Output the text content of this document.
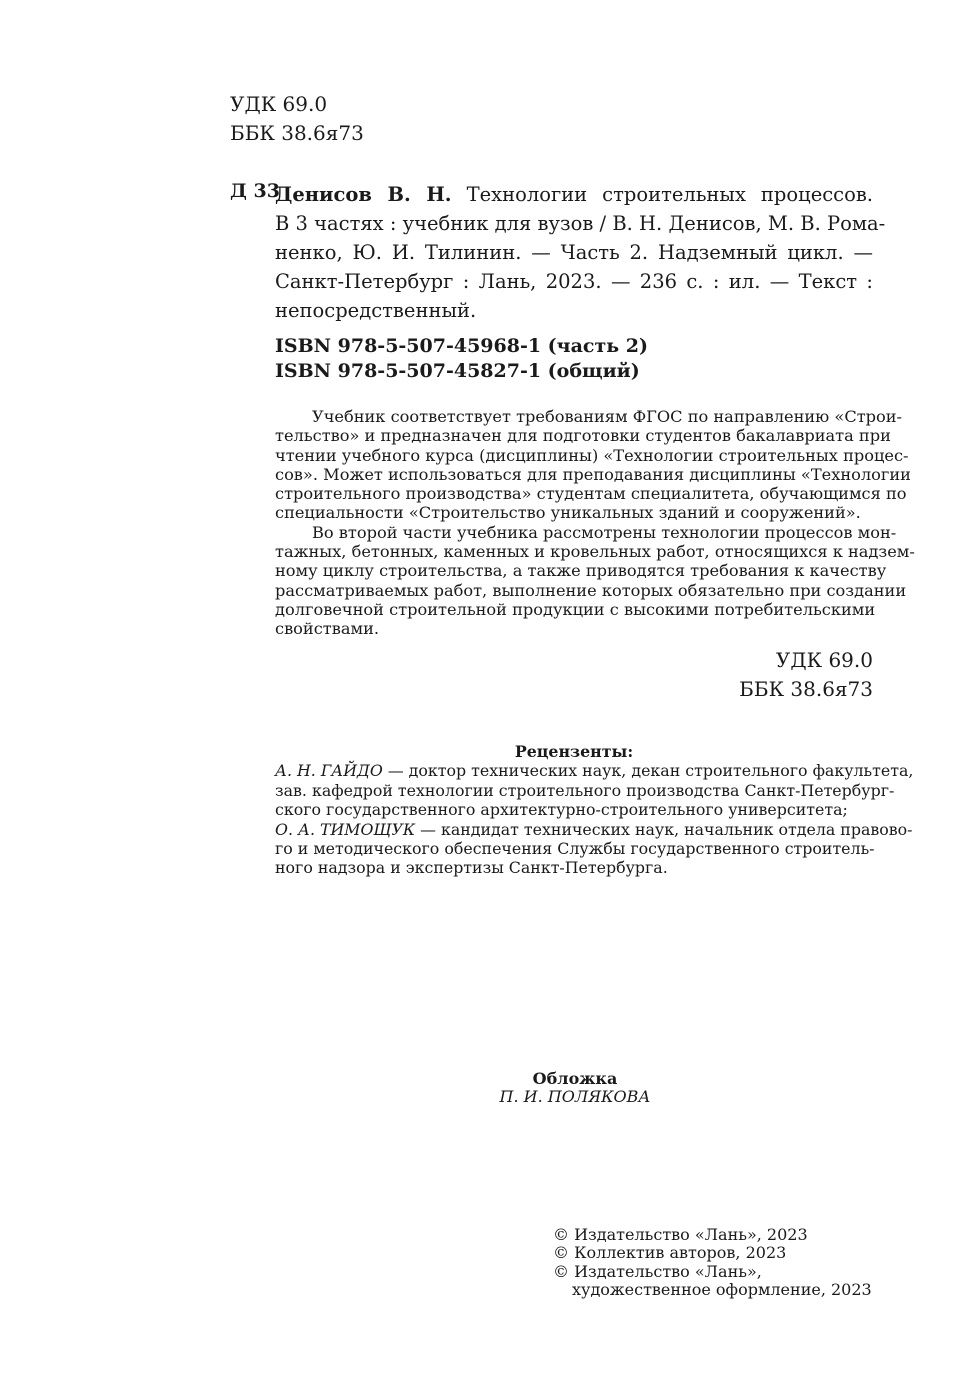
УДК 69.0
ББК 38.6я73
Д 33
Денисов В. Н. Технологии строительных процессов.
В 3 частях : учебник для вузов / В. Н. Денисов, М. В. Рома-
ненко, Ю. И. Тилинин. — Часть 2. Надземный цикл. —
Санкт-Петербург : Лань, 2023. — 236 с. : ил. — Текст :
непосредственный.
ISBN 978-5-507-45968-1 (часть 2)
ISBN 978-5-507-45827-1 (общий)
Учебник соответствует требованиям ФГОС по направлению «Строи-
тельство» и предназначен для подготовки студентов бакалавриата при
чтении учебного курса (дисциплины) «Технологии строительных процес-
сов». Может использоваться для преподавания дисциплины «Технологии
строительного производства» студентам специалитета, обучающимся по
специальности «Строительство уникальных зданий и сооружений».
Во второй части учебника рассмотрены технологии процессов мон-
тажных, бетонных, каменных и кровельных работ, относящихся к надзем-
ному циклу строительства, а также приводятся требования к качеству
рассматриваемых работ, выполнение которых обязательно при создании
долговечной строительной продукции с высокими потребительскими
свойствами.
УДК 69.0
ББК 38.6я73
Рецензенты:
А. Н. ГАЙДО — доктор технических наук, декан строительного факультета,
зав. кафедрой технологии строительного производства Санкт-Петербург-
ского государственного архитектурно-строительного университета;
О. А. ТИМОЩУК — кандидат технических наук, начальник отдела правово-
го и методического обеспечения Службы государственного строитель-
ного надзора и экспертизы Санкт-Петербурга.
Обложка
П. И. ПОЛЯКОВА
© Издательство «Лань», 2023
© Коллектив авторов, 2023
© Издательство «Лань»,
художественное оформление, 2023
